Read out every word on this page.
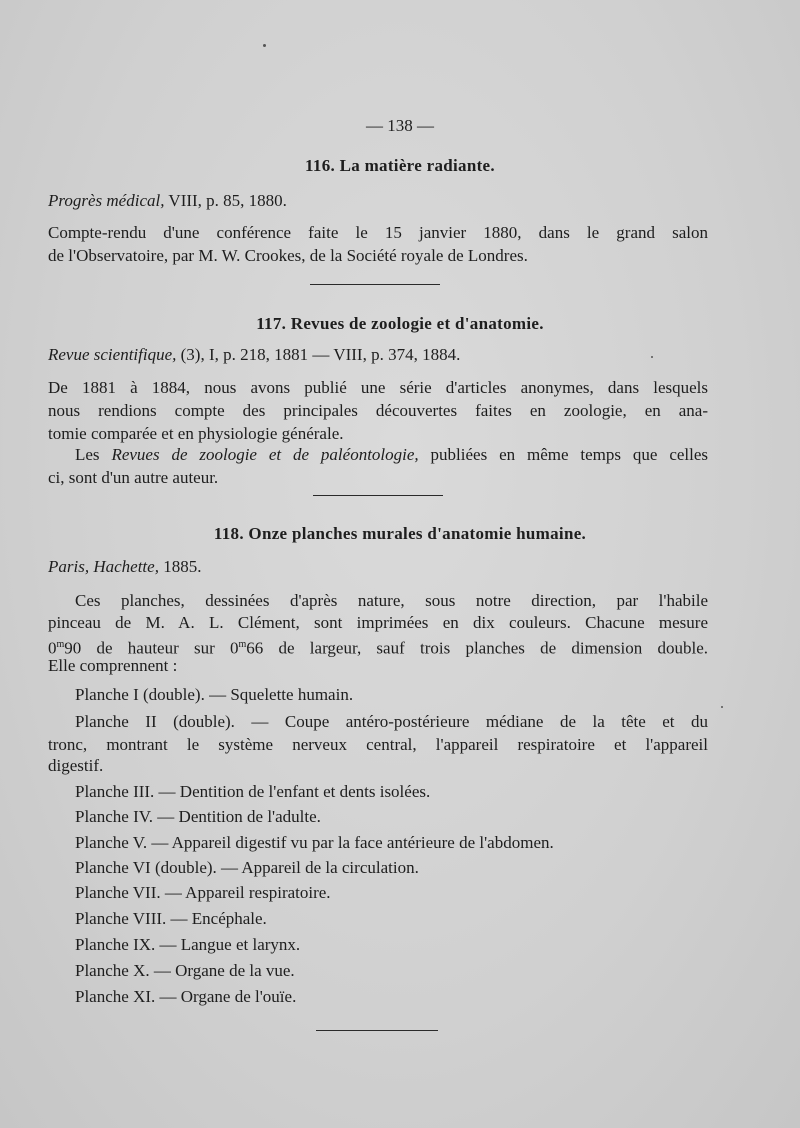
— 138 —
116. La matière radiante.
Progrès médical, VIII, p. 85, 1880.
Compte-rendu d'une conférence faite le 15 janvier 1880, dans le grand salon
de l'Observatoire, par M. W. Crookes, de la Société royale de Londres.
117. Revues de zoologie et d'anatomie.
Revue scientifique, (3), I, p. 218, 1881 — VIII, p. 374, 1884.
De 1881 à 1884, nous avons publié une série d'articles anonymes, dans lesquels
nous rendions compte des principales découvertes faites en zoologie, en ana-
tomie comparée et en physiologie générale.
Les Revues de zoologie et de paléontologie, publiées en même temps que celles
ci, sont d'un autre auteur.
118. Onze planches murales d'anatomie humaine.
Paris, Hachette, 1885.
Ces planches, dessinées d'après nature, sous notre direction, par l'habile
pinceau de M. A. L. Clément, sont imprimées en dix couleurs. Chacune mesure
0$^m$90 de hauteur sur 0$^m$66 de largeur, sauf trois planches de dimension double.
Elle comprennent :
Planche I (double). — Squelette humain.
Planche II (double). — Coupe antéro-postérieure médiane de la tête et du
tronc, montrant le système nerveux central, l'appareil respiratoire et l'appareil
digestif.
Planche III. — Dentition de l'enfant et dents isolées.
Planche IV. — Dentition de l'adulte.
Planche V. — Appareil digestif vu par la face antérieure de l'abdomen.
Planche VI (double). — Appareil de la circulation.
Planche VII. — Appareil respiratoire.
Planche VIII. — Encéphale.
Planche IX. — Langue et larynx.
Planche X. — Organe de la vue.
Planche XI. — Organe de l'ouïe.
